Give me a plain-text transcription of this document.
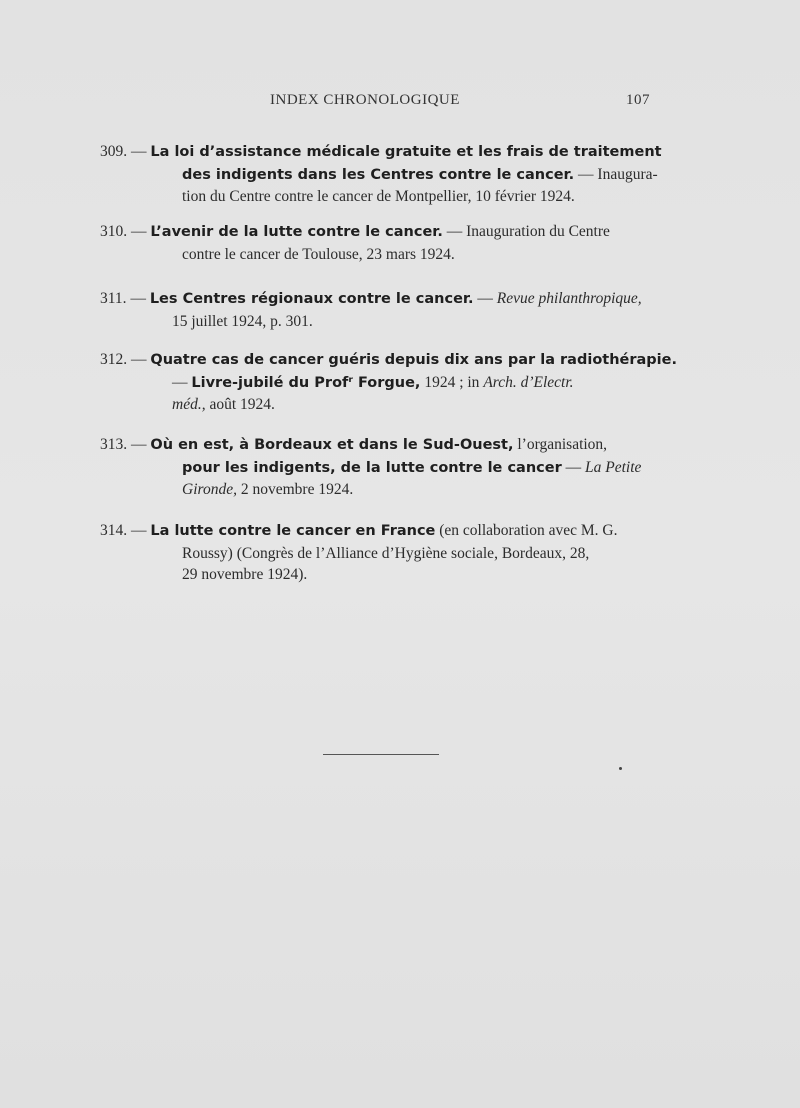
INDEX CHRONOLOGIQUE	107
309. — La loi d’assistance médicale gratuite et les frais de traitement
des indigents dans les Centres contre le cancer. — Inaugura-
tion du Centre contre le cancer de Montpellier, 10 février 1924.
310. — L’avenir de la lutte contre le cancer. — Inauguration du Centre
contre le cancer de Toulouse, 23 mars 1924.
311. — Les Centres régionaux contre le cancer. — Revue philanthropique,
15 juillet 1924, p. 301.
312. — Quatre cas de cancer guéris depuis dix ans par la radiothérapie.
— Livre-jubilé du Profʳ Forgue, 1924 ; in Arch. d’Electr.
méd., août 1924.
313. — Où en est, à Bordeaux et dans le Sud-Ouest, l’organisation,
pour les indigents, de la lutte contre le cancer — La Petite
Gironde, 2 novembre 1924.
314. — La lutte contre le cancer en France (en collaboration avec M. G.
Roussy) (Congrès de l’Alliance d’Hygiène sociale, Bordeaux, 28,
29 novembre 1924).
